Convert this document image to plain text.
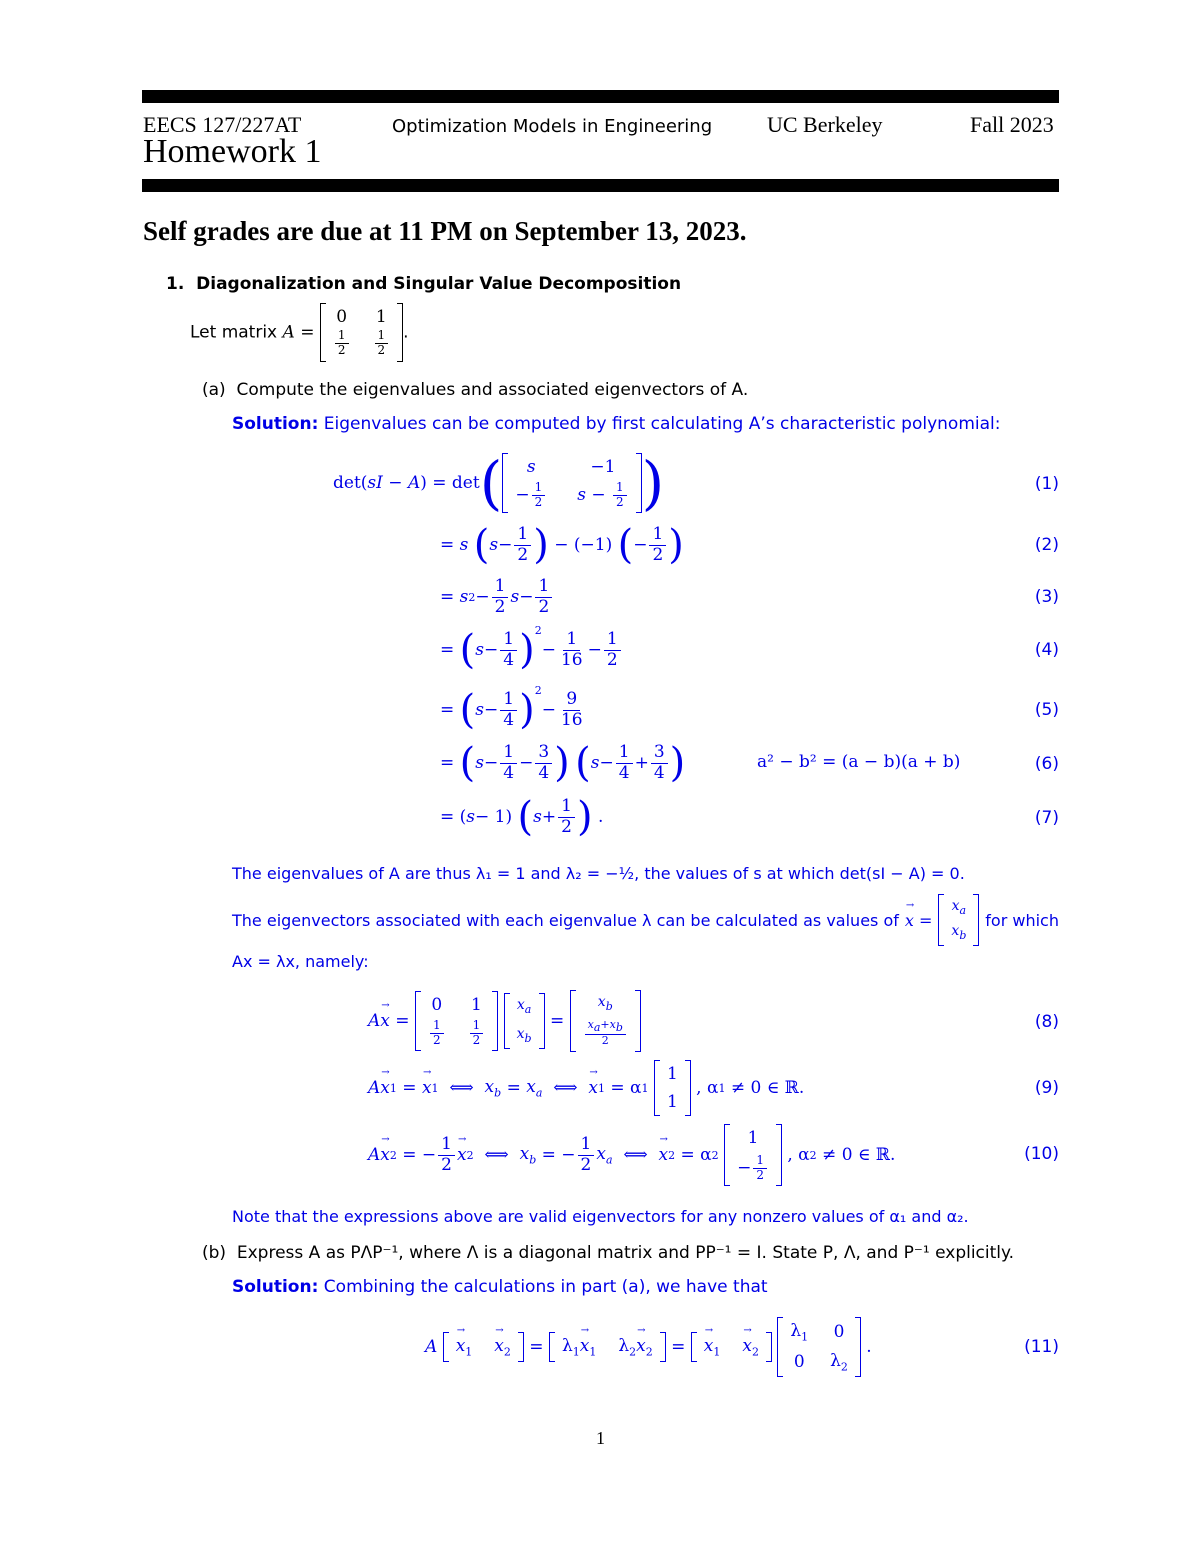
EECS 127/227AT	Optimization Models in Engineering UC Berkeley	Fall 2023
Homework 1
Self grades are due at 11 PM on September 13, 2023.
1. Diagonalization and Singular Value Decomposition
Let matrix A =
0 1
$\frac{1}{2} \frac{1}{2}$ .
(a) Compute the eigenvalues and associated eigenvectors of A.
Solution: Eigenvalues can be computed by first calculating A’s characteristic polynomial:
det(sI − A) = det ( s	−1
− $\frac{1}{2}$ $s - \frac{1}{2}$ )	(1)
= s
( $s - \frac{1}{2}$ ) − (−1) ( − $\frac{1}{2}$ )	(2)
= s $2 - \frac{1}{2}$ $s - \frac{1}{2}$	(3)
= ( $s - \frac{1}{4} )^2$
− $\frac{1}{16} - \frac{1}{2}$	(4)
= ( $s - \frac{1}{4} )^2$
− $\frac{9}{16}$	(5)
= ( $s - \frac{1}{4} - \frac{3}{4}$ )
( $s - \frac{1}{4} + \frac{3}{4}$ )	a² − b² = (a − b)(a + b)	(6)
= ( s − 1) ( $s + \frac{1}{2}$ ) .	(7)
The eigenvalues of A are thus λ₁ = 1 and λ₂ = −½, the values of s at which det(sI − A) = 0.
The eigenvectors associated with each eigenvalue λ can be calculated as values of
→ x =
$x_a$
$x_b$
for which
Ax = λx, namely:
A
→ x =
0 1
$\frac{1}{2} \frac{1}{2}$

$x_a$
$x_b$
=
$x_b$
$\frac{x_a+x_b}{2}$	(8)
A
→ x 1 =
→ x 1 ⟺ $x_b = x_a$ ⟺
→ x 1 = α 1

1
1
, α 1 ≠ 0 ∈ ℝ.	(9)
A
→ x 2 = − $\frac{1}{2}$
→ x 2 ⟺ $x_b$ = − $\frac{1}{2} x_a$ ⟺
→ x 2 = α 2

1
− $\frac{1}{2}$ , α 2 ≠ 0 ∈ ℝ.	(10)
Note that the expressions above are valid eigenvectors for any nonzero values of α₁ and α₂.
(b) Express A as PΛP⁻¹, where Λ is a diagonal matrix and PP⁻¹ = I. State P, Λ, and P⁻¹ explicitly.
Solution: Combining the calculations in part (a), we have that
A

→ $x_1$
→ $x_2 = \lambda_1\to x_1$ $\lambda_2\to x_2$ =
→ $x_1$
→ $x_2$

$\lambda_1$ 0
0 $\lambda_2$
.	(11)
1
